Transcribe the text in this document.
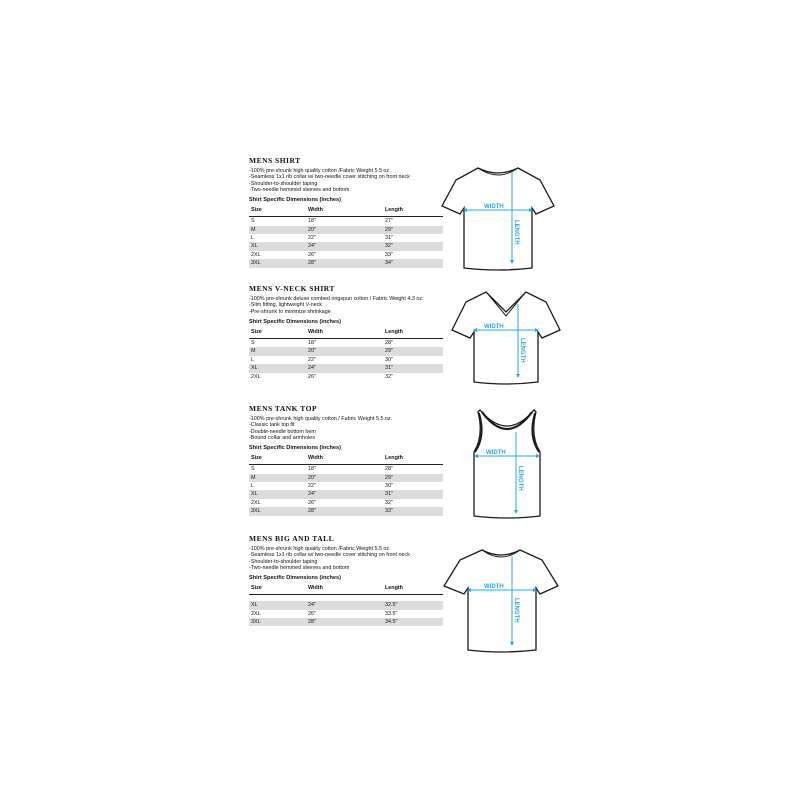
MENS SHIRT
-100% pre-shrunk high quality cotton /Fabric Weight 5.5 oz.
-Seamless 1x1 rib collar w/ two-needle cover stitching on front neck
-Shoulder-to-shoulder taping
-Two-needle hemmed sleeves and bottom
Shirt Specific Dimensions (inches)
Size	Width	Length
S	18"	27"
M	20"	29"
L	22"	31"
XL	24"	32"
2XL	26"	33"
3XL	28"	34"
WIDTH
LENGTH
MENS V-NECK SHIRT
-100% pre-shrunk deluxe combed ringspun cotton / Fabric Weight 4.3 oz.
-Slim fitting, lightweight V-neck
-Pre-shrunk to minimize shrinkage
Shirt Specific Dimensions (inches)
Size	Width	Length
S	18"	28"
M	20"	29"
L	22"	30"
XL	24"	31"
2XL	26"	32"
WIDTH
LENGTH
MENS TANK TOP
-100% pre-shrunk high quality cotton / Fabric Weight 5.5 oz.
-Classic tank top fit
-Double-needle bottom hem
-Bound collar and armholes
Shirt Specific Dimensions (inches)
Size	Width	Length
S	18"	28"
M	20"	29"
L	22"	30"
XL	24"	31"
2XL	26"	32"
3XL	28"	33"
WIDTH
LENGTH
MENS BIG AND TALL
-100% pre-shrunk high quality cotton /Fabric Weight 5.5 oz.
-Seamless 1x1 rib collar w/ two-needle cover stitching on front neck
-Shoulder-to-shoulder taping
-Two-needle hemmed sleeves and bottom
Shirt Specific Dimensions (inches)
Size	Width	Length

XL	24"	32.5"
2XL	26"	33.5"
3XL	28"	34.5"
WIDTH
LENGTH
